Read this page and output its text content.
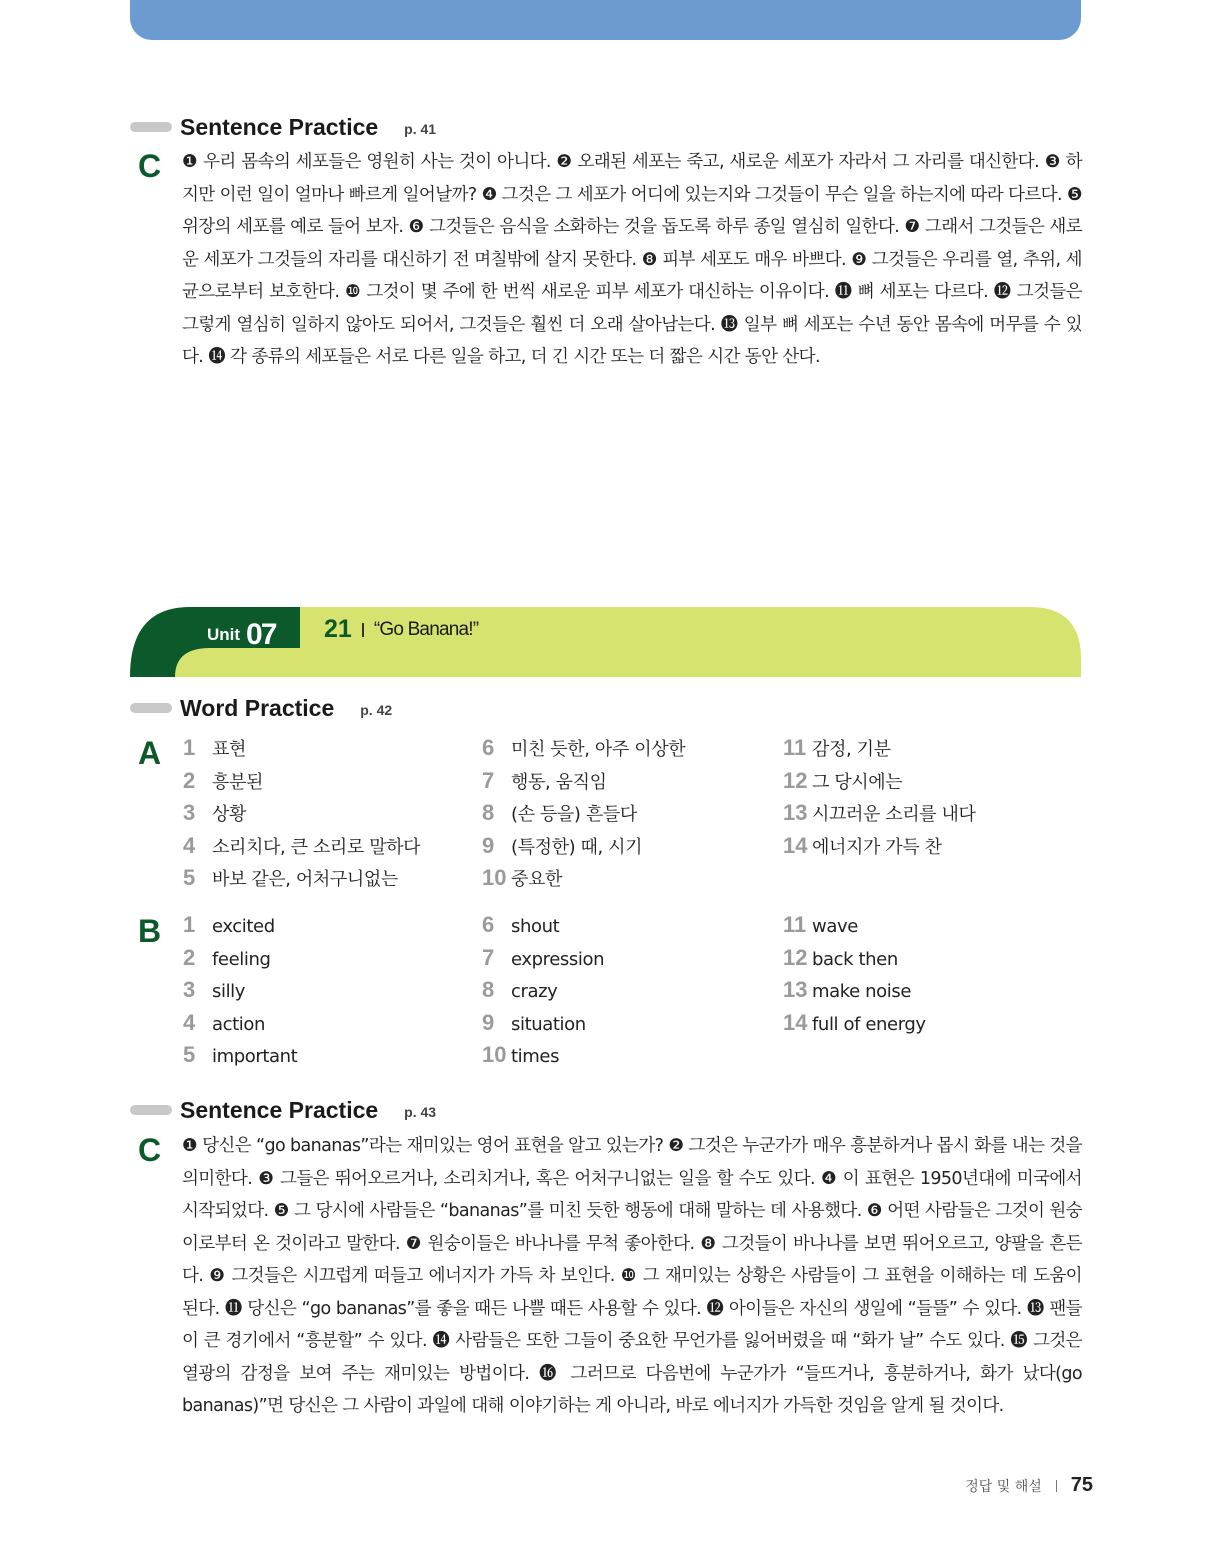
Sentence Practice p. 41
C ❶ 우리 몸속의 세포들은 영원히 사는 것이 아니다. ❷ 오래된 세포는 죽고, 새로운 세포가 자라서 그 자리를 대신한다. ❸ 하지만 이런 일이 얼마나 빠르게 일어날까? ❹ 그것은 그 세포가 어디에 있는지와 그것들이 무슨 일을 하는지에 따라 다르다. ❺ 위장의 세포를 예로 들어 보자. ❻ 그것들은 음식을 소화하는 것을 돕도록 하루 종일 열심히 일한다. ❼ 그래서 그것들은 새로운 세포가 그것들의 자리를 대신하기 전 며칠밖에 살지 못한다. ❽ 피부 세포도 매우 바쁘다. ❾ 그것들은 우리를 열, 추위, 세균으로부터 보호한다. ❿ 그것이 몇 주에 한 번씩 새로운 피부 세포가 대신하는 이유이다. ⓫ 뼈 세포는 다르다. ⓬ 그것들은 그렇게 열심히 일하지 않아도 되어서, 그것들은 훨씬 더 오래 살아남는다. ⓭ 일부 뼈 세포는 수년 동안 몸속에 머무를 수 있다. ⓮ 각 종류의 세포들은 서로 다른 일을 하고, 더 긴 시간 또는 더 짧은 시간 동안 산다.
Unit 07 21 “Go Banana!”
Word Practice p. 42
A 1 표현
2 흥분된
3 상황
4 소리치다, 큰 소리로 말하다
5 바보 같은, 어처구니없는
6 미친 듯한, 아주 이상한
7 행동, 움직임
8 (손 등을) 흔들다
9 (특정한) 때, 시기
10 중요한
11 감정, 기분
12 그 당시에는
13 시끄러운 소리를 내다
14 에너지가 가득 찬
B 1 excited
2 feeling
3 silly
4 action
5 important
6 shout
7 expression
8 crazy
9 situation
10 times
11 wave
12 back then
13 make noise
14 full of energy
Sentence Practice p. 43
C ❶ 당신은 “go bananas”라는 재미있는 영어 표현을 알고 있는가? ❷ 그것은 누군가가 매우 흥분하거나 몹시 화를 내는 것을 의미한다. ❸ 그들은 뛰어오르거나, 소리치거나, 혹은 어처구니없는 일을 할 수도 있다. ❹ 이 표현은 1950년대에 미국에서 시작되었다. ❺ 그 당시에 사람들은 “bananas”를 미친 듯한 행동에 대해 말하는 데 사용했다. ❻ 어떤 사람들은 그것이 원숭이로부터 온 것이라고 말한다. ❼ 원숭이들은 바나나를 무척 좋아한다. ❽ 그것들이 바나나를 보면 뛰어오르고, 양팔을 흔든다. ❾ 그것들은 시끄럽게 떠들고 에너지가 가득 차 보인다. ❿ 그 재미있는 상황은 사람들이 그 표현을 이해하는 데 도움이 된다. ⓫ 당신은 “go bananas”를 좋을 때든 나쁠 때든 사용할 수 있다. ⓬ 아이들은 자신의 생일에 “들뜰” 수 있다. ⓭ 팬들이 큰 경기에서 “흥분할” 수 있다. ⓮ 사람들은 또한 그들이 중요한 무언가를 잃어버렸을 때 “화가 날” 수도 있다. ⓯ 그것은 열광의 감정을 보여 주는 재미있는 방법이다. ⓰ 그러므로 다음번에 누군가가 “들뜨거나, 흥분하거나, 화가 났다(go bananas)”면 당신은 그 사람이 과일에 대해 이야기하는 게 아니라, 바로 에너지가 가득한 것임을 알게 될 것이다.
정답 및 해설 75
